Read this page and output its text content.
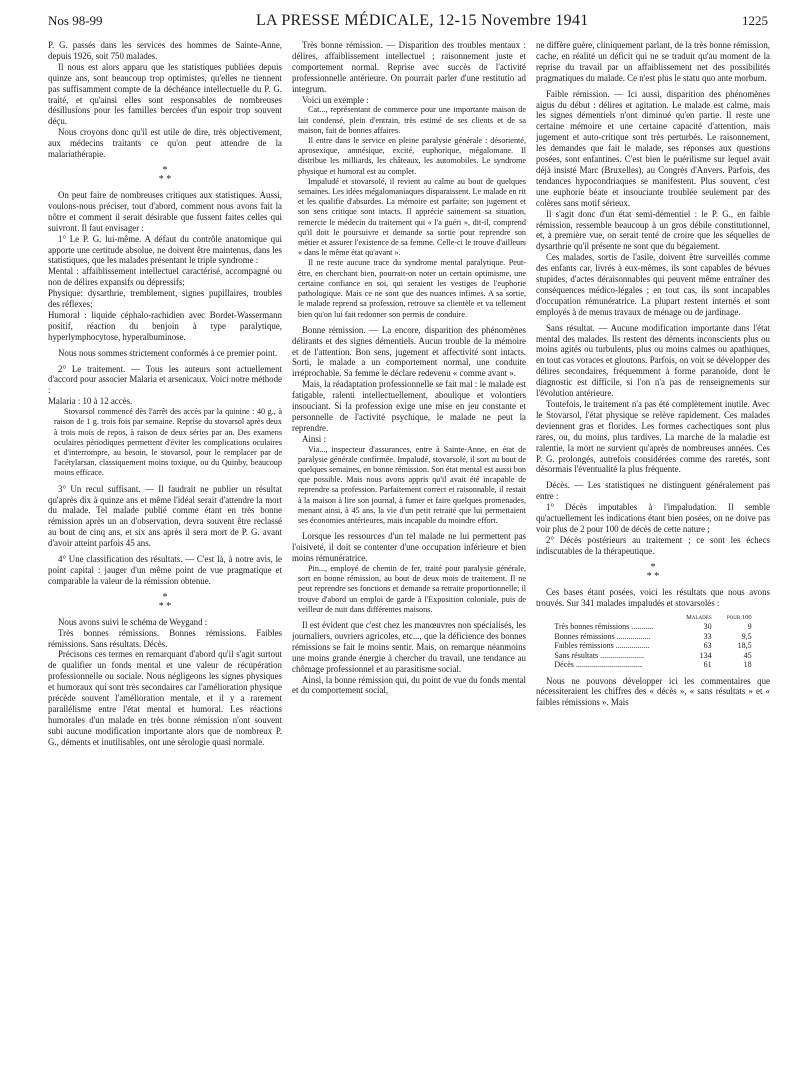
Nos 98-99	LA PRESSE MÉDICALE, 12-15 Novembre 1941	1225

P. G. passés dans les services des hommes de Sainte-Anne, depuis 1926, soit 750 malades.

Il nous est alors apparu que les statistiques publiées depuis quinze ans, sont beaucoup trop optimistes, qu'elles ne tiennent pas suffisamment compte de la déchéance intellectuelle du P. G. traité, et qu'ainsi elles sont responsables de nombreuses désillusions pour les familles bercées d'un espoir trop souvent déçu.

Nous croyons donc qu'il est utile de dire, très objectivement, aux médecins traitants ce qu'on peut attendre de la malariathérapie.

*
* *

On peut faire de nombreuses critiques aux statistiques. Aussi, voulons-nous préciser, tout d'abord, comment nous avons fait la nôtre et comment il serait désirable que fussent faites celles qui suivront. Il faut envisager :

1° Le P. G. lui-même. A défaut du contrôle anatomique qui apporte une certitude absolue, ne doivent être maintenus, dans les statistiques, que les malades présentant le triple syndrome :

Mental : affaiblissement intellectuel caractérisé, accompagné ou non de délires expansifs ou dépressifs;

Physique: dysarthrie, tremblement, signes pupillaires, troubles des réflexes;

Humoral : liquide céphalo-rachidien avec Bordet-Wassermann positif, réaction du benjoin à type paralytique, hyperlymphocytose, hyperalbuminose.

Nous nous sommes strictement conformés à ce premier point.

2° Le traitement. — Tous les auteurs sont actuellement d'accord pour associer Malaria et arsenicaux. Voici notre méthode :

Malaria : 10 à 12 accès.

Stovarsol commencé dès l'arrêt des accès par la quinine : 40 g., à raison de 1 g. trois fois par semaine. Reprise du stovarsol après deux à trois mois de repos, à raison de deux séries par an. Des examens oculaires périodiques permettent d'éviter les complications oculaires et d'interrompre, au besoin, le stovarsol, pour le remplacer par de l'acétylarsan, classiquement moins toxique, ou du Quinby, beaucoup moins efficace.

3° Un recul suffisant. — Il faudrait ne publier un résultat qu'après dix à quinze ans et même l'idéal serait d'attendre la mort du malade. Tel malade publié comme étant en très bonne rémission après un an d'observation, devra souvent être reclassé au bout de cinq ans, et six ans après il sera mort de P. G. avant d'avoir atteint parfois 45 ans.

4° Une classification des résultats. — C'est là, à notre avis, le point capital : jauger d'un même point de vue pragmatique et comparable la valeur de la rémission obtenue.

*
* *

Nous avons suivi le schéma de Weygand :

Très bonnes rémissions. Bonnes rémissions. Faibles rémissions. Sans résultats. Décès.

Précisons ces termes en remarquant d'abord qu'il s'agit surtout de qualifier un fonds mental et une valeur de récupération professionnelle ou sociale. Nous négligeons les signes physiques et humoraux qui sont très secondaires car l'amélioration physique précède souvent l'amélioration mentale, et il y a rarement parallélisme entre l'état mental et humoral. Les réactions humorales d'un malade en très bonne rémission n'ont souvent subi aucune modification importante alors que de nombreux P. G., déments et inutilisables, ont une sérologie quasi normale.

Très bonne rémission. — Disparition des troubles mentaux : délires, affaiblissement intellectuel ; raisonnement juste et comportement normal. Reprise avec succès de l'activité professionnelle antérieure. On pourrait parler d'une restitutio ad integrum.

Voici un exemple :

Cat..., représentant de commerce pour une importante maison de lait condensé, plein d'entrain, très estimé de ses clients et de sa maison, fait de bonnes affaires.

Il entre dans le service en pleine paralysie générale : désorienté, aprosexique, amnésique, excité, euphorique, mégalomane. Il distribue les milliards, les châteaux, les automobiles. Le syndrome physique et humoral est au complet.

Impaludé et stovarsolé, il revient au calme au bout de quelques semaines. Les idées mégalomaniaques disparaissent. Le malade en rit et les qualifie d'absurdes. La mémoire est parfaite; son jugement et son sens critique sont intacts. Il apprécie sainement sa situation, remercie le médecin du traitement qui « l'a guéri », dit-il, comprend qu'il doit le poursuivre et demande sa sortie pour reprendre son métier et assurer l'existence de sa femme. Celle-ci le trouve d'ailleurs « dans le même état qu'avant ».

Il ne reste aucune trace du syndrome mental paralytique. Peut-être, en cherchant bien, pourrait-on noter un certain optimisme, une certaine confiance en soi, qui seraient les vestiges de l'euphorie pathologique. Mais ce ne sont que des nuances infimes. A sa sortie, le malade reprend sa profession, retrouve sa clientèle et va tellement bien qu'on lui fait redonner son permis de conduire.

Bonne rémission. — La encore, disparition des phénomènes délirants et des signes démentiels. Aucun trouble de la mémoire et de l'attention. Bon sens, jugement et affectivité sont intacts. Sorti, le malade a un comportement normal, une conduite irréprochable. Sa femme le déclare redevenu « comme avant ».

Mais, la réadaptation professionnelle se fait mal : le malade est fatigable, ralenti intellectuellement, aboulique et volontiers insouciant. Si la profession exige une mise en jeu constante et personnelle de l'activité psychique, le malade ne peut la reprendre.

Ainsi :

Via..., inspecteur d'assurances, entre à Sainte-Anne, en état de paralysie générale confirmée. Impaludé, stovarsolé, il sort au bout de quelques semaines, en bonne rémission. Son état mental est aussi bon que possible. Mais nous avons appris qu'il avait été incapable de reprendre sa profession. Parfaitement correct et raisonnable, il restait à la maison à lire son journal, à fumer et faire quelques promenades, menant ainsi, à 45 ans, la vie d'un petit retraité que lui permettaient ses économies antérieures, mais incapable du moindre effort.

Lorsque les ressources d'un tel malade ne lui permettent pas l'oisiveté, il doit se contenter d'une occupation inférieure et bien moins rémunératrice.

Pin..., employé de chemin de fer, traité pour paralysie générale, sort en bonne rémission, au bout de deux mois de traitement. Il ne peut reprendre ses fonctions et demande sa retraite proportionnelle; il trouve d'abord un emploi de garde à l'Exposition coloniale, puis de veilleur de nuit dans différentes maisons.

Il est évident que c'est chez les manœuvres non spécialisés, les journaliers, ouvriers agricoles, etc..., que la déficience des bonnes rémissions se fait le moins sentir. Mais, on remarque néanmoins une moins grande énergie à chercher du travail, une tendance au chômage professionnel et au parasitisme social.

Ainsi, la bonne rémission qui, du point de vue du fonds mental et du comportement social,

ne diffère guère, cliniquement parlant, de la très bonne rémission, cache, en réalité un déficit qui ne se traduit qu'au moment de la reprise du travail par un affaiblissement net des possibilités pragmatiques du malade. Ce n'est plus le statu quo ante morbum.

Faible rémission. — Ici aussi, disparition des phénomènes aigus du début : délires et agitation. Le malade est calme, mais les signes démentiels n'ont diminué qu'en partie. Il reste une certaine mémoire et une certaine capacité d'attention, mais jugement et auto-critique sont très perturbés. Le raisonnement, les demandes que fait le malade, ses réponses aux questions posées, sont enfantines. C'est bien le puérilisme sur lequel avait déjà insisté Marc (Bruxelles), au Congrès d'Anvers. Parfois, des tendances hypocondriaques se manifestent. Plus souvent, c'est une euphorie béate et insouciante troublée seulement par des colères sans motif sérieux.

Il s'agit donc d'un état semi-démentiel : le P. G., en faible rémission, ressemble beaucoup à un gros débile constitutionnel, et, à première vue, on serait tenté de croire que les séquelles de dysarthrie qu'il présente ne sont que du bégaiement.

Ces malades, sortis de l'asile, doivent être surveillés comme des enfants car, livrés à eux-mêmes, ils sont capables de bévues stupides, d'actes déraisonnables qui peuvent même entraîner des conséquences médico-légales ; en tout cas, ils sont incapables d'occupation rémunératrice. La plupart restent internés et sont employés à de menus travaux de ménage ou de jardinage.

Sans résultat. — Aucune modification importante dans l'état mental des malades. Ils restent des déments inconscients plus ou moins agités ou turbulents, plus ou moins calmes ou apathiques, en tout cas voraces et gloutons. Parfois, on voit se développer des délires secondaires, fréquemment à forme paranoïde, dont le diagnostic est difficile, si l'on n'a pas de renseignements sur l'évolution antérieure.

Toutefois, le traitement n'a pas été complètement inutile. Avec le Stovarsol, l'état physique se relève rapidement. Ces malades deviennent gras et florides. Les formes cachectiques sont plus rares, ou, du moins, plus tardives. La marche de la maladie est ralentie, la mort ne survient qu'après de nombreuses années. Ces P. G. prolongés, autrefois considérées comme des raretés, sont désormais l'éventualité la plus fréquente.

Décès. — Les statistiques ne distinguent généralement pas entre :

1° Décès imputables à l'impaludation. Il semble qu'actuellement les indications étant bien posées, on ne doive pas voir plus de 2 pour 100 de décès de cette nature ;

2° Décès postérieurs au traitement ; ce sont les échecs indiscutables de la thérapeutique.

*
* *

Ces bases étant posées, voici les résultats que nous avons trouvés. Sur 341 malades impaludés et stovarsolés :

	Malades	pour 100
Très bonnes rémissions ...........	30	9
Bonnes rémissions .................	33	9,5
Faibles rémissions .................	63	18,5
Sans résultats ......................	134	45
Décès .................................	61	18

Nous ne pouvons développer ici les commentaires que nécessiteraient les chiffres des « décès », « sans résultats » et « faibles rémissions ». Mais
